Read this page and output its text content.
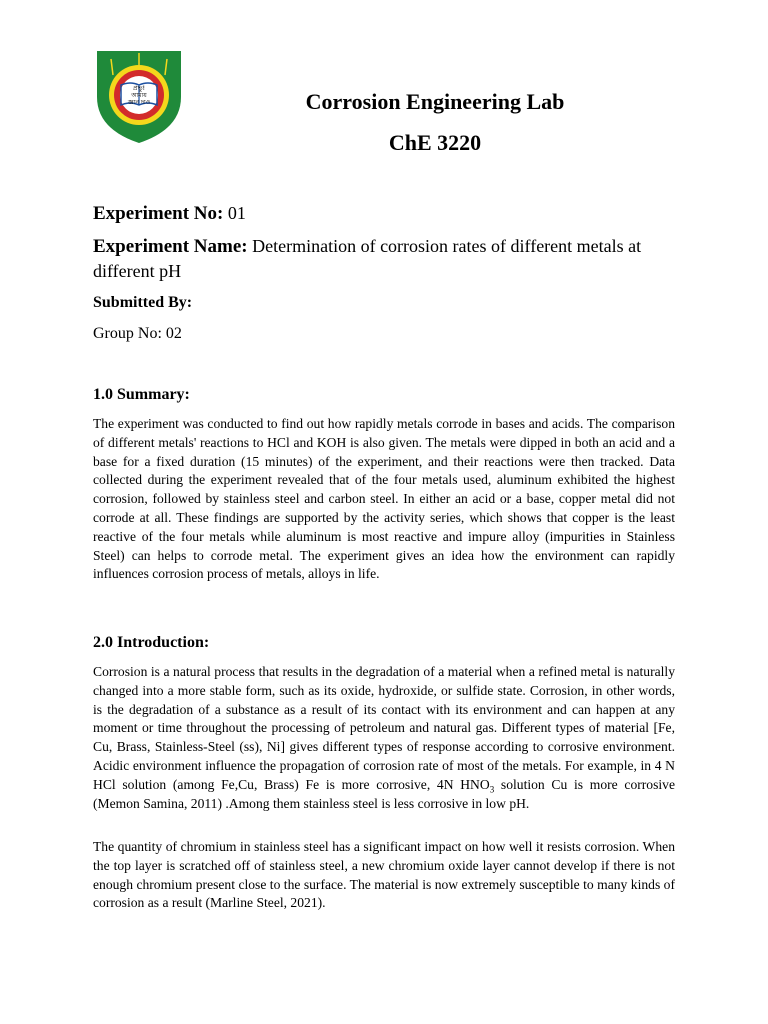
প্রভু!
আমায়
জ্ঞান দাও	Corrosion Engineering Lab
ChE 3220
Experiment No: 01
Experiment Name: Determination of corrosion rates of different metals at different pH
Submitted By:
Group No: 02
1.0 Summary:

The experiment was conducted to find out how rapidly metals corrode in bases and acids. The comparison of different metals' reactions to HCl and KOH is also given. The metals were dipped in both an acid and a base for a fixed duration (15 minutes) of the experiment, and their reactions were then tracked. Data collected during the experiment revealed that of the four metals used, aluminum exhibited the highest corrosion, followed by stainless steel and carbon steel. In either an acid or a base, copper metal did not corrode at all. These findings are supported by the activity series, which shows that copper is the least reactive of the four metals while aluminum is most reactive and impure alloy (impurities in Stainless Steel) can helps to corrode metal. The experiment gives an idea how the environment can rapidly influences corrosion process of metals, alloys in life.

2.0 Introduction:

Corrosion is a natural process that results in the degradation of a material when a refined metal is naturally changed into a more stable form, such as its oxide, hydroxide, or sulfide state. Corrosion, in other words, is the degradation of a substance as a result of its contact with its environment and can happen at any moment or time throughout the processing of petroleum and natural gas. Different types of material [Fe, Cu, Brass, Stainless-Steel (ss), Ni] gives different types of response according to corrosive environment. Acidic environment influence the propagation of corrosion rate of most of the metals. For example, in 4 N HCl solution (among Fe,Cu, Brass) Fe is more corrosive, 4N $HNO_3$ solution Cu is more corrosive (Memon Samina, 2011) .Among them stainless steel is less corrosive in low pH.

The quantity of chromium in stainless steel has a significant impact on how well it resists corrosion. When the top layer is scratched off of stainless steel, a new chromium oxide layer cannot develop if there is not enough chromium present close to the surface. The material is now extremely susceptible to many kinds of corrosion as a result (Marline Steel, 2021).
